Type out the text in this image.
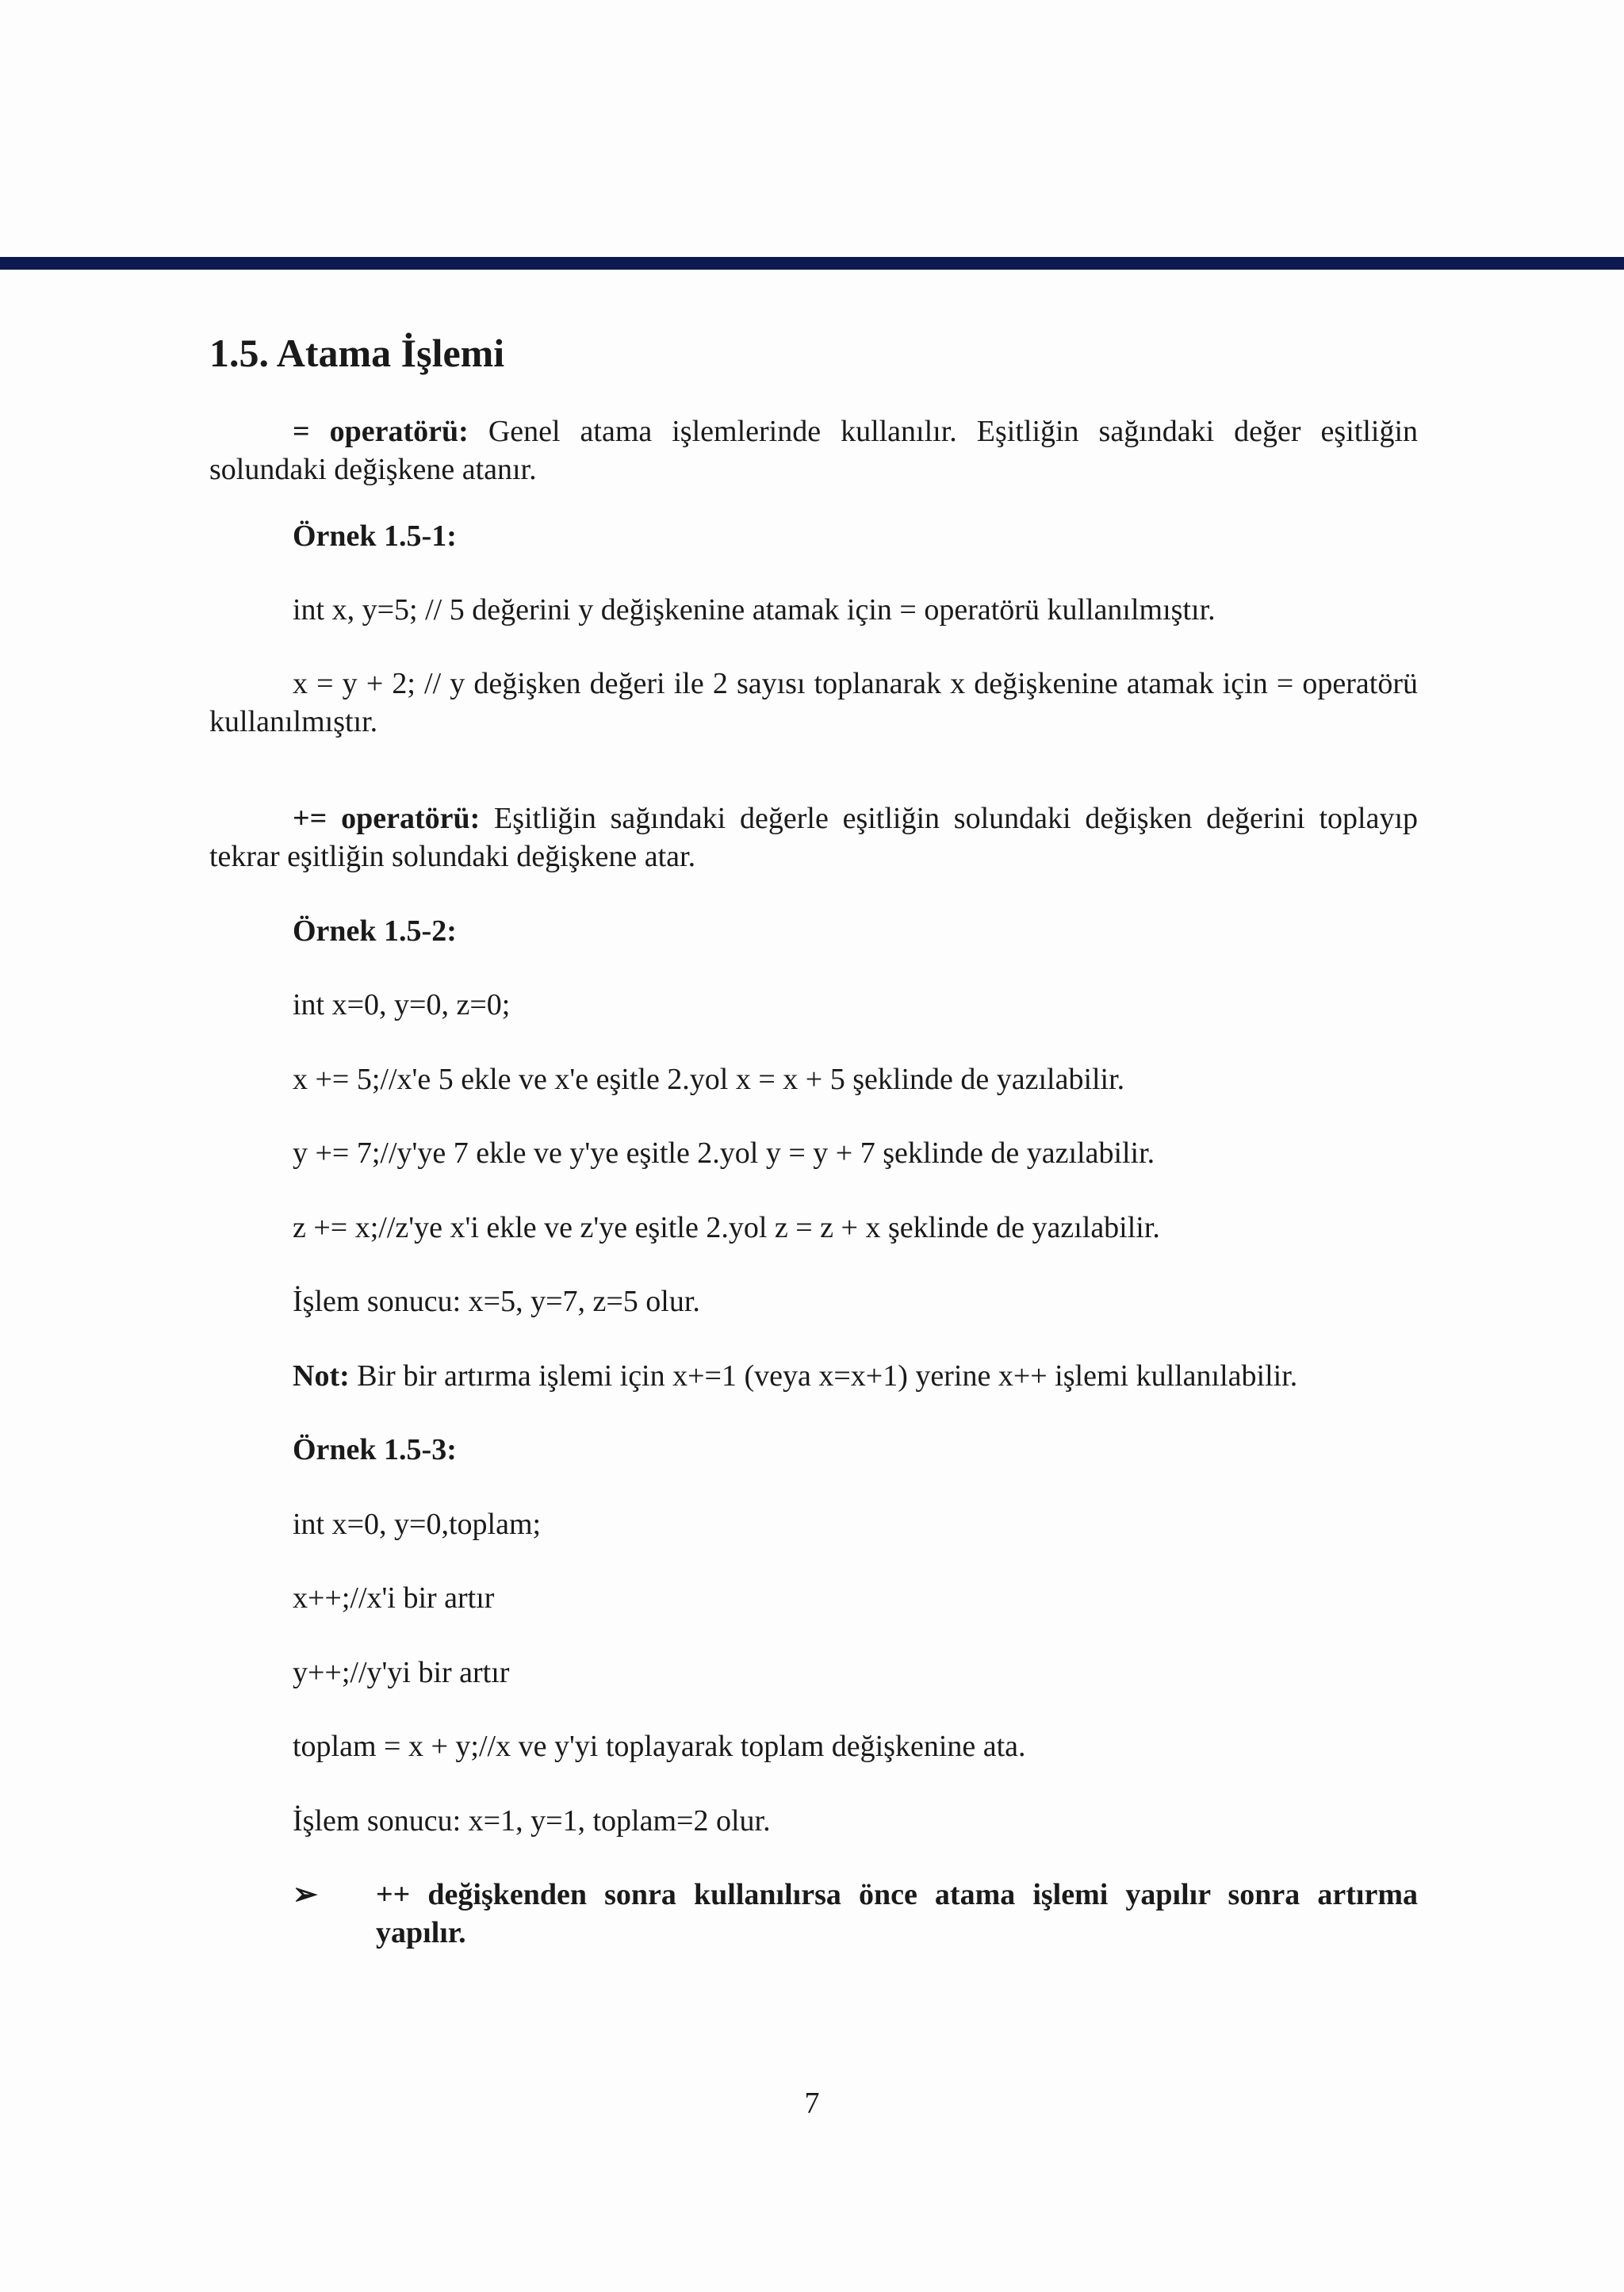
1.5. Atama İşlemi
= operatörü: Genel atama işlemlerinde kullanılır. Eşitliğin sağındaki değer eşitliğin solundaki değişkene atanır.
Örnek 1.5-1:
int x, y=5; // 5 değerini y değişkenine atamak için = operatörü kullanılmıştır.
x = y + 2; // y değişken değeri ile 2 sayısı toplanarak x değişkenine atamak için = operatörü kullanılmıştır.
+= operatörü: Eşitliğin sağındaki değerle eşitliğin solundaki değişken değerini toplayıp tekrar eşitliğin solundaki değişkene atar.
Örnek 1.5-2:
int x=0, y=0, z=0;
x += 5;//x'e 5 ekle ve x'e eşitle 2.yol x = x + 5 şeklinde de yazılabilir.
y += 7;//y'ye 7 ekle ve y'ye eşitle 2.yol y = y + 7 şeklinde de yazılabilir.
z += x;//z'ye x'i ekle ve z'ye eşitle 2.yol z = z + x şeklinde de yazılabilir.
İşlem sonucu: x=5, y=7, z=5 olur.
Not: Bir bir artırma işlemi için x+=1 (veya x=x+1) yerine x++ işlemi kullanılabilir.
Örnek 1.5-3:
int x=0, y=0,toplam;
x++;//x'i bir artır
y++;//y'yi bir artır
toplam = x + y;//x ve y'yi toplayarak toplam değişkenine ata.
İşlem sonucu: x=1, y=1, toplam=2 olur.
➢ ++ değişkenden sonra kullanılırsa önce atama işlemi yapılır sonra artırma yapılır.
7
